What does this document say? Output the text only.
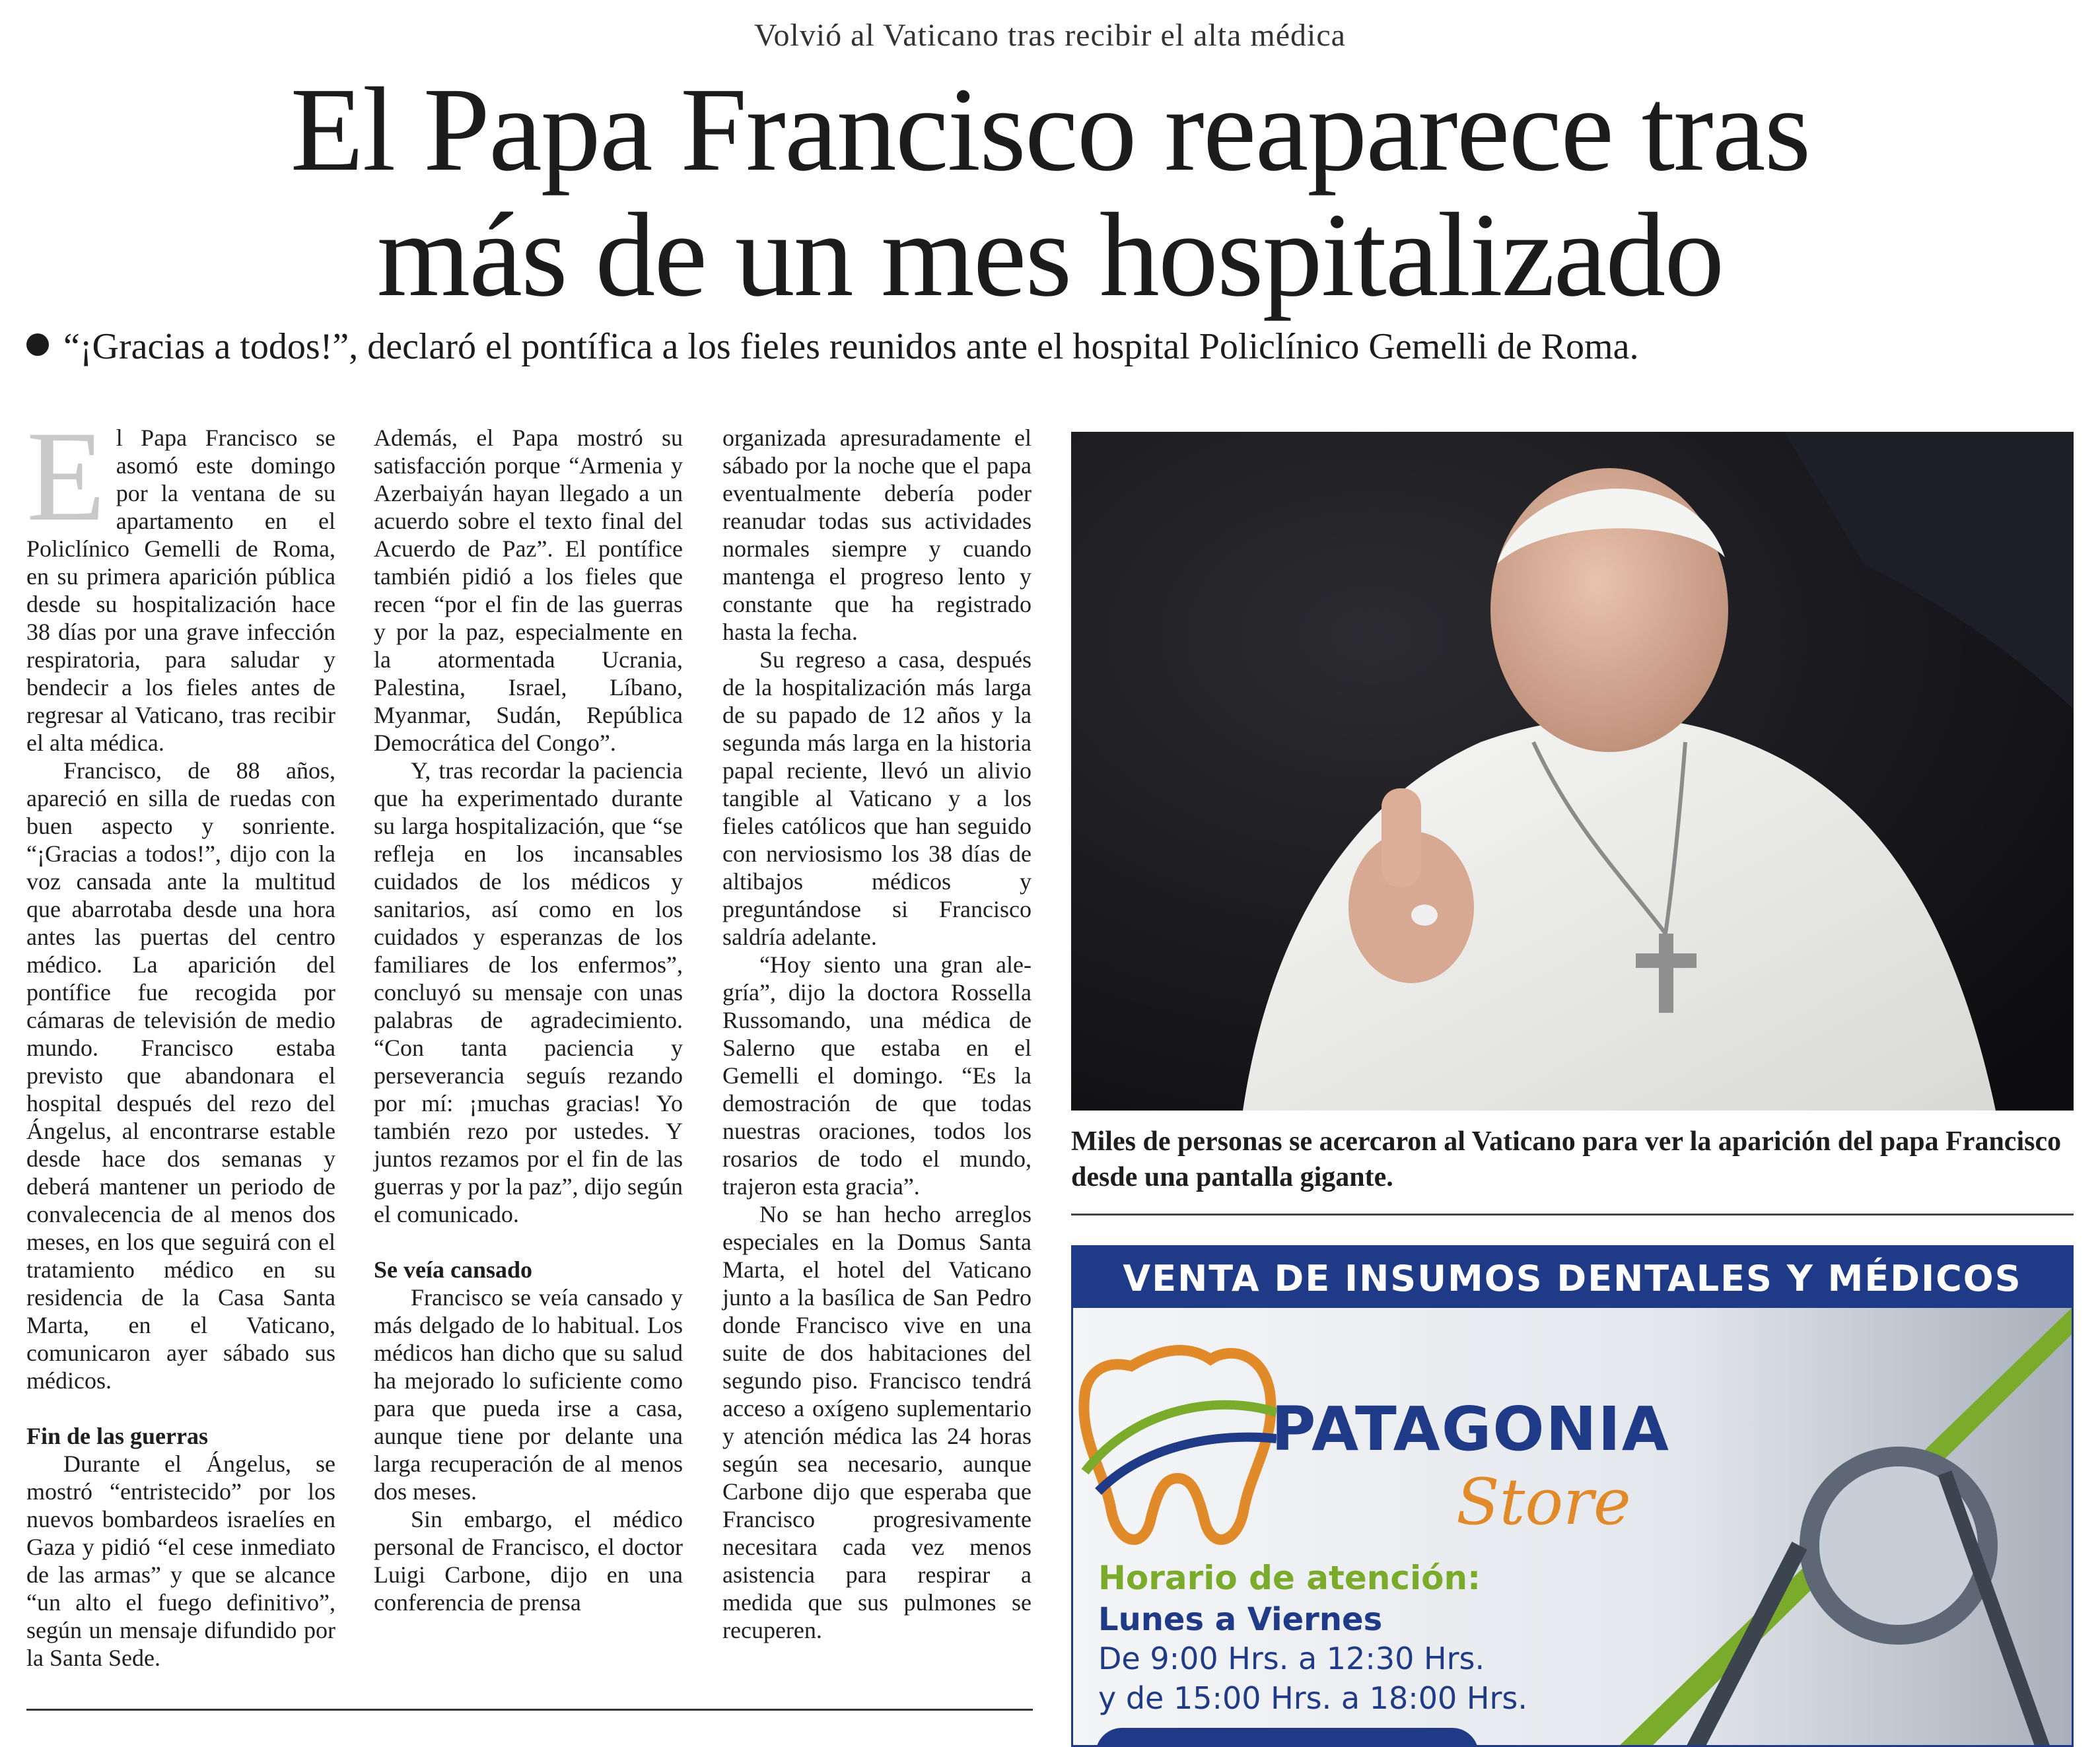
Volvió al Vaticano tras recibir el alta médica
El Papa Francisco reaparece tras
más de un mes hospitalizado
“¡Gracias a todos!”, declaró el pontífica a los fieles reunidos ante el hospital Policlínico Gemelli de Roma.

El Papa Francisco se asomó este domingo por la ventana de su apartamento en el Policlínico Gemelli de Roma, en su primera aparición pública desde su hospitalización hace 38 días por una grave infección respiratoria, para saludar y bendecir a los fieles antes de regresar al Vaticano, tras recibir el alta médica.

Francisco, de 88 años, apareció en silla de ruedas con buen aspecto y sonriente. “¡Gracias a todos!”, dijo con la voz cansada ante la multitud que abarrotaba desde una hora antes las puertas del centro médico. La aparición del pontífice fue recogida por cámaras de televisión de medio mundo. Francisco estaba previsto que abandonara el hospital después del rezo del Ángelus, al encontrarse estable desde hace dos semanas y deberá mantener un periodo de convalecencia de al menos dos meses, en los que seguirá con el tratamiento médico en su residencia de la Casa Santa Marta, en el Vaticano, comunicaron ayer sábado sus médicos.

Fin de las guerras

Durante el Ángelus, se mostró “entristecido” por los nuevos bombardeos israelíes en Gaza y pidió “el cese inmediato de las armas” y que se alcance “un alto el fuego definitivo”, según un mensaje difundido por la Santa Sede.

Además, el Papa mostró su satisfacción porque “Armenia y Azerbaiyán hayan llegado a un acuerdo sobre el texto final del Acuerdo de Paz”. El pontífice también pidió a los fieles que recen “por el fin de las guerras y por la paz, especialmente en la atormentada Ucrania, Palestina, Israel, Líbano, Myanmar, Sudán, República Democrática del Congo”.

Y, tras recordar la paciencia que ha experimentado durante su larga hospitalización, que “se refleja en los incansables cuidados de los médicos y sanitarios, así como en los cuidados y esperanzas de los familiares de los enfermos”, concluyó su mensaje con unas palabras de agradecimiento. “Con tanta paciencia y perseverancia seguís rezando por mí: ¡muchas gracias! Yo también rezo por ustedes. Y juntos rezamos por el fin de las guerras y por la paz”, dijo según el comunicado.

Se veía cansado

Francisco se veía cansado y más delgado de lo habitual. Los médicos han dicho que su salud ha mejorado lo suficiente como para que pueda irse a casa, aunque tiene por delante una larga recuperación de al menos dos meses.

Sin embargo, el médico personal de Francisco, el doctor Luigi Carbone, dijo en una conferencia de prensa

organizada apresuradamente el sábado por la noche que el papa eventualmente debería poder reanudar todas sus actividades normales siempre y cuando mantenga el progreso lento y constante que ha registrado hasta la fecha.

Su regreso a casa, después de la hospitalización más larga de su papado de 12 años y la segunda más larga en la historia papal reciente, llevó un alivio tangible al Vaticano y a los fieles católicos que han seguido con nerviosismo los 38 días de altibajos médicos y preguntándose si Francisco saldría adelante.

“Hoy siento una gran alegría”, dijo la doctora Rossella Russomando, una médica de Salerno que estaba en el Gemelli el domingo. “Es la demostración de que todas nuestras oraciones, todos los rosarios de todo el mundo, trajeron esta gracia”.

No se han hecho arreglos especiales en la Domus Santa Marta, el hotel del Vaticano junto a la basílica de San Pedro donde Francisco vive en una suite de dos habitaciones del segundo piso. Francisco tendrá acceso a oxígeno suplementario y atención médica las 24 horas según sea necesario, aunque Carbone dijo que esperaba que Francisco progresivamente necesitara cada vez menos asistencia para respirar a medida que sus pulmones se recuperen.

Miles de personas se acercaron al Vaticano para ver la aparición del papa Francisco desde una pantalla gigante.
VENTA DE INSUMOS DENTALES Y MÉDICOS
PATAGONIA
Store
Horario de atención:
Lunes a Viernes
De 9:00 Hrs. a 12:30 Hrs.
y de 15:00 Hrs. a 18:00 Hrs.
